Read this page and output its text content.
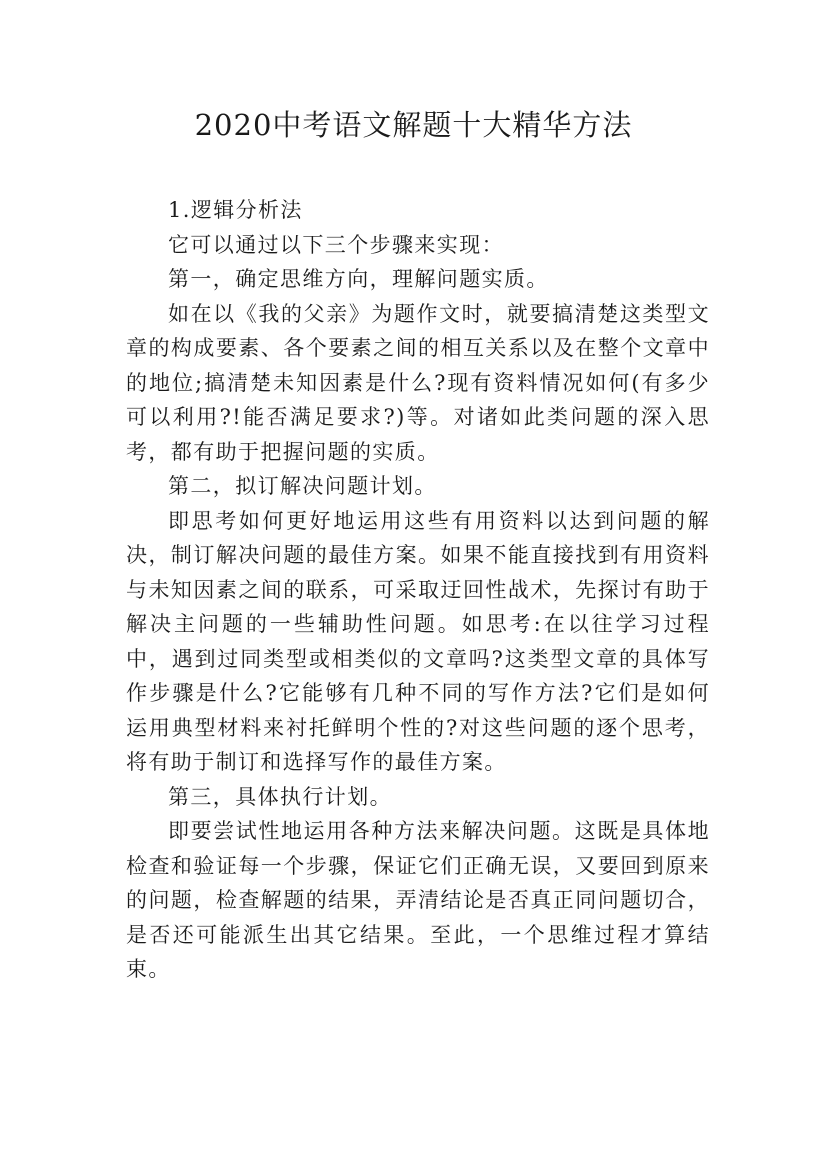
2020中考语文解题十大精华方法

1.逻辑分析法

它可以通过以下三个步骤来实现：

第一，确定思维方向，理解问题实质。

如在以《我的父亲》为题作文时，就要搞清楚这类型文章的构成要素、各个要素之间的相互关系以及在整个文章中的地位;搞清楚未知因素是什么?现有资料情况如何(有多少可以利用?!能否满足要求?)等。对诸如此类问题的深入思考，都有助于把握问题的实质。

第二，拟订解决问题计划。

即思考如何更好地运用这些有用资料以达到问题的解决，制订解决问题的最佳方案。如果不能直接找到有用资料与未知因素之间的联系，可采取迂回性战术，先探讨有助于解决主问题的一些辅助性问题。如思考:在以往学习过程中，遇到过同类型或相类似的文章吗?这类型文章的具体写作步骤是什么?它能够有几种不同的写作方法?它们是如何运用典型材料来衬托鲜明个性的?对这些问题的逐个思考，将有助于制订和选择写作的最佳方案。

第三，具体执行计划。

即要尝试性地运用各种方法来解决问题。这既是具体地检查和验证每一个步骤，保证它们正确无误，又要回到原来的问题，检查解题的结果，弄清结论是否真正同问题切合，是否还可能派生出其它结果。至此，一个思维过程才算结束。
